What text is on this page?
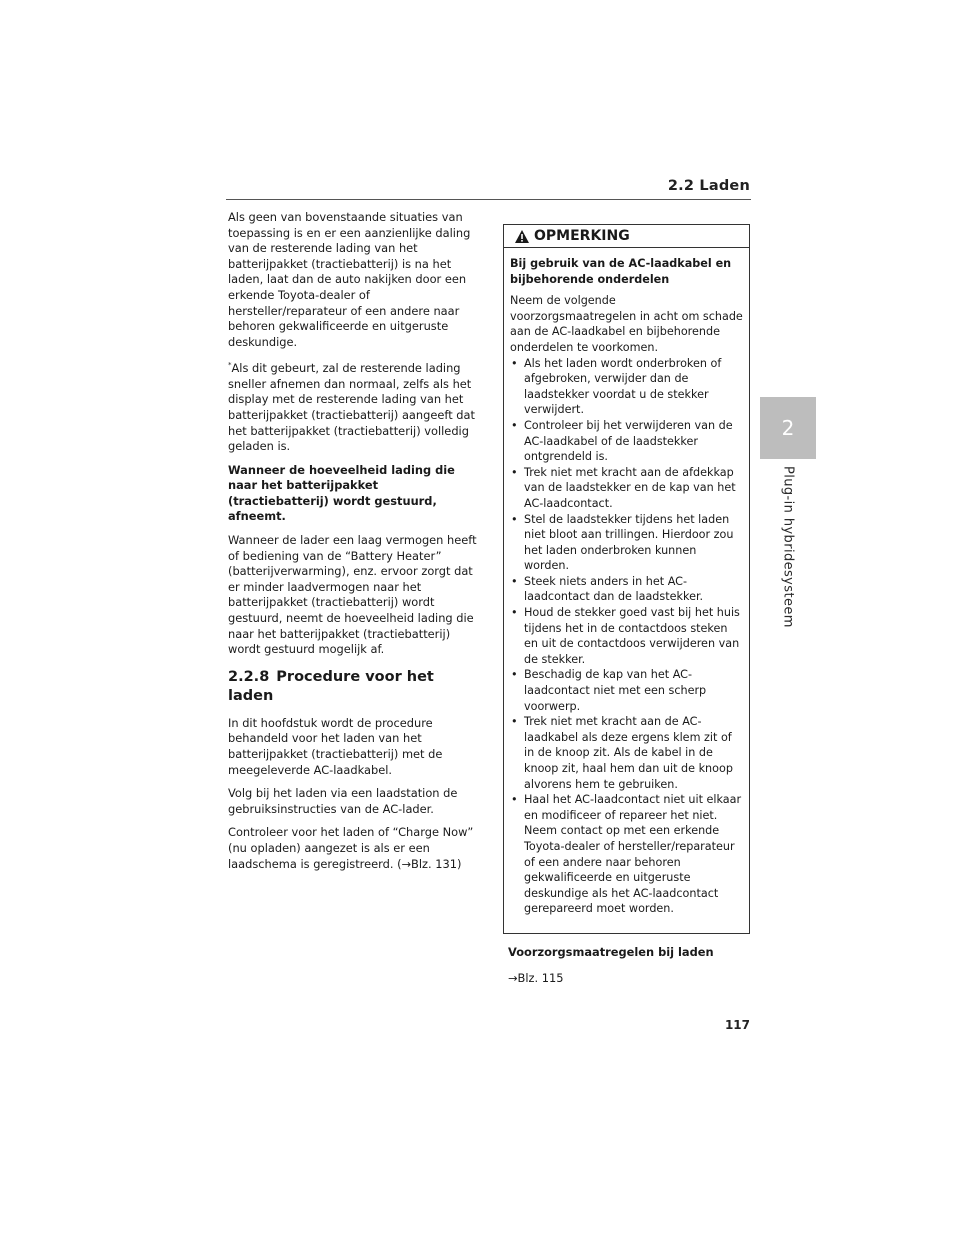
2.2 Laden
2
Plug-in hybridesysteem

Als geen van bovenstaande situaties van toepassing is en er een aanzienlijke daling van de resterende lading van het batterijpakket (tractiebatterij) is na het laden, laat dan de auto nakijken door een erkende Toyota-dealer of hersteller/reparateur of een andere naar behoren gekwalificeerde en uitgeruste deskundige.

*Als dit gebeurt, zal de resterende lading sneller afnemen dan normaal, zelfs als het display met de resterende lading van het batterijpakket (tractiebatterij) aangeeft dat het batterijpakket (tractiebatterij) volledig geladen is.

Wanneer de hoeveelheid lading die naar het batterijpakket (tractiebatterij) wordt gestuurd, afneemt.

Wanneer de lader een laag vermogen heeft of bediening van de “Battery Heater” (batterijverwarming), enz. ervoor zorgt dat er minder laadvermogen naar het batterijpakket (tractiebatterij) wordt gestuurd, neemt de hoeveelheid lading die naar het batterijpakket (tractiebatterij) wordt gestuurd mogelijk af.

2.2.8 Procedure voor het laden

In dit hoofdstuk wordt de procedure behandeld voor het laden van het batterijpakket (tractiebatterij) met de meegeleverde AC-laadkabel.

Volg bij het laden via een laadstation de gebruiksinstructies van de AC-lader.

Controleer voor het laden of “Charge Now” (nu opladen) aangezet is als er een laadschema is geregistreerd. (→Blz. 131)

OPMERKING

Bij gebruik van de AC-laadkabel en bijbehorende onderdelen

Neem de volgende voorzorgsmaatregelen in acht om schade aan de AC-laadkabel en bijbehorende onderdelen te voorkomen.

• Als het laden wordt onderbroken of afgebroken, verwijder dan de laadstekker voordat u de stekker verwijdert.
• Controleer bij het verwijderen van de AC-laadkabel of de laadstekker ontgrendeld is.
• Trek niet met kracht aan de afdekkap van de laadstekker en de kap van het AC-laadcontact.
• Stel de laadstekker tijdens het laden niet bloot aan trillingen. Hierdoor zou het laden onderbroken kunnen worden.
• Steek niets anders in het AC-laadcontact dan de laadstekker.
• Houd de stekker goed vast bij het huis tijdens het in de contactdoos steken en uit de contactdoos verwijderen van de stekker.
• Beschadig de kap van het AC-laadcontact niet met een scherp voorwerp.
• Trek niet met kracht aan de AC-laadkabel als deze ergens klem zit of in de knoop zit. Als de kabel in de knoop zit, haal hem dan uit de knoop alvorens hem te gebruiken.
• Haal het AC-laadcontact niet uit elkaar en modificeer of repareer het niet. Neem contact op met een erkende Toyota-dealer of hersteller/reparateur of een andere naar behoren gekwalificeerde en uitgeruste deskundige als het AC-laadcontact gerepareerd moet worden.

Voorzorgsmaatregelen bij laden

→Blz. 115

117
